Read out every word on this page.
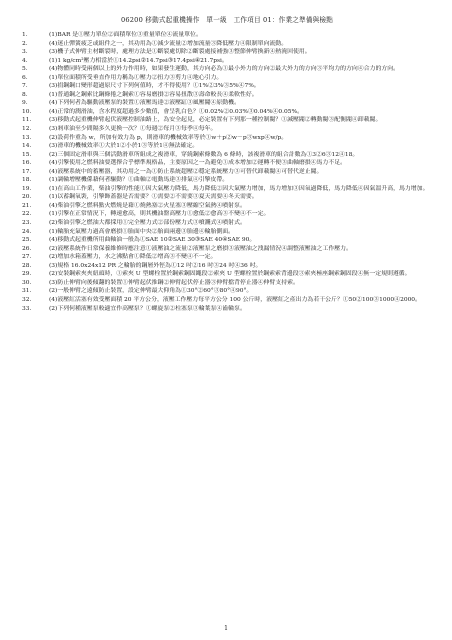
06200 移動式起重機操作　單一級　工作項目 01：作業之準備與檢點
1.	(1)BAR 是①壓力單位②面積單位③重量單位④流量單位。
2.	(4)迷止彈簧疲乏或組件之一，其功用為①減少流量②增加流量③降低壓力④限制單向流動。
3.	(3)機子式伸臂主材斷裂時，處理方法是①斷裂處切除②斷裂處接補強③整節伸臂換新④熱澆回使用。
4.	(1)1 kg/cm²壓力相當於①14.2psi②14.7psi③17.4psi④21.7psi。
5.	(4)物體同時受兩個以上的外力作用時，如果發生運動，其方向必為①最小外力的方向②最大外力的方向③平均力的方向④合力的方向。
6.	(1)單位面積所受垂直作用力稱為①壓力②扭力③剪力④地心引力。
7.	(3)捐鋼鋼口變形超過原尺寸下列何值時，才不得使用？①1%②3%③5%④7%。
8.	(1)普通鋼之鋼索比鋼條捲之鋼索①容易磨損②容易扭散③壽命較長④柔軟性好。
9.	(4)下列何者為驅動液壓泵的裝置①液壓馬達②液壓缸③風壓閥④原動機。
10.	(4)正常的潤滑油，含水程度超過多少數值，會呈乳白色？①0.02%②0.03%③0.04%④0.05%。
11.	(3)移動式起重機伸臂起伏液壓控制油路上，為安全起見，必定裝置有下列那一種控制閥？①減壓閥②轉動閥③配衡閥④卸載閥。
12.	(3)剎車油至少間隔多久更換一次？①每週②每月③每季④每年。
13.	(2)設荷作重為 w，所加有效力為 p，則滑車的機械效率等於①w＋p②w－p③wxp④w/p。
14.	(3)滑車的機械效率①大於1②小於1③等於1④無法確定。
15.	(2)三個固定滑車與三個活動滑車所組成之複滑車，穿繞鋼索條數為 6 條時，該複滑車的組合計數為①3②6③12④18。
16.	(4)引擎使用之燃料油要選擇合乎標準規格品，主要原因之一為避免①成本增加②運轉不便③曲軸磨損④馬力不足。
17.	(4)液壓系統中的蓄壓器，其功用之一為①防止系統超壓②穩定系統壓力③可替代卸載閥④可替代逆止閥。
18.	(1)調輪增壓機係藉何者驅動？①曲軸②電動馬達③排氣④引擎皮帶。
19.	(1)在高山工作業，柴油引擎的性能①因大氣壓力降低，馬力降低②因大氣壓力增加，馬力增加③因氧過降低，馬力降低④因氣溫升高，馬力增加。
20.	(1)以蓄鋼氧裝，引擎飾蓋器是否需要？①需要②不需要③夏天需要④冬天需要。
21.	(4)柴油引擎之燃料點火燃燒是藉①燒熱塞②火星塞③壓縮空氣熱④噴射泵。
22.	(1)引擎在正常情況下，轉速愈高，則其機油盤高壓力①愈低②愈高③不變④不一定。
23.	(2)柴油引擎之燃油大都採用①完全壓力式②部份壓力式③噴濺式④噴射式。
24.	(1)輪胎充氣壓力過高會磨損①胎面中央②胎面兩邊③胎邊④輪胎側面。
25.	(4)移動式起重機所用曲軸油一般為①SAE 10②SAE 30③SAE 40④SAE 90。
26.	(2)液壓系統作日常保養維修時應注意①液壓油之流量②液壓泵之磨損③液壓油之洩漏情況④調整液壓油之工作壓力。
27.	(2)增加水箱蓋壓力，水之沸點會①降低②增高③不變④不一定。
28.	(3)規格 16.0x24x12 PR 之輪胎的鋼層外徑為①12 吋②16 吋③24 吋④36 吋。
29.	(2)安裝鋼索夾夾紐頭時，①索夾 U 型螺栓置於鋼索鋼固繩段②索夾 U 型螺栓置於鋼索索背邊段③索夾極座鋼索鋼固段④無一定規則遵循。
30.	(3)防止伸臂向後傾翻的裝置①伸臂起伏推鋼②伸臂起伏停止器③伸臂擋背停止器④伸臂支持索。
31.	(2)一般伸臂之遠傾防止裝置，設定伸臂最大仰角為①30°②60°③80°④90°。
32.	(4)液壓紅活塞有效受壓面積 20 平方公分，液壓工作壓力每平方公分 100 公斤時，液壓紅之產出力為若干公斤？①50②100③1000④2000。
33.	(2)下列何種液壓泵較適宜作高壓泵？①螺旋泵②柱塞泵③輪葉泵④齒輪泵。
1
